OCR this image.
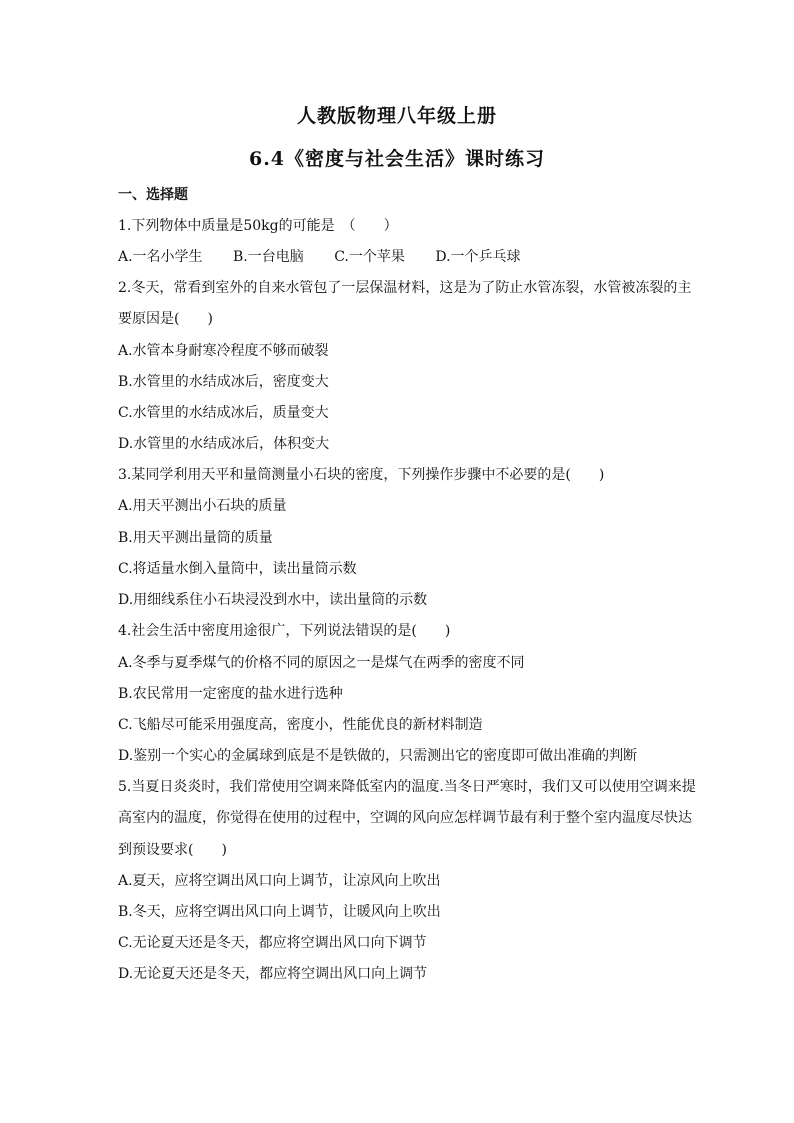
人教版物理八年级上册
6.4《密度与社会生活》课时练习
一、选择题
1.下列物体中质量是50kg的可能是　（　　）
A.一名小学生 B.一台电脑 C.一个苹果 D.一个乒乓球
2.冬天，常看到室外的自来水管包了一层保温材料，这是为了防止水管冻裂，水管被冻裂的主
要原因是(　　)
A.水管本身耐寒冷程度不够而破裂
B.水管里的水结成冰后，密度变大
C.水管里的水结成冰后，质量变大
D.水管里的水结成冰后，体积变大
3.某同学利用天平和量筒测量小石块的密度，下列操作步骤中不必要的是(　　)
A.用天平测出小石块的质量
B.用天平测出量筒的质量
C.将适量水倒入量筒中，读出量筒示数
D.用细线系住小石块浸没到水中，读出量筒的示数
4.社会生活中密度用途很广，下列说法错误的是(　　)
A.冬季与夏季煤气的价格不同的原因之一是煤气在两季的密度不同
B.农民常用一定密度的盐水进行选种
C.飞船尽可能采用强度高，密度小，性能优良的新材料制造
D.鉴别一个实心的金属球到底是不是铁做的，只需测出它的密度即可做出准确的判断
5.当夏日炎炎时，我们常使用空调来降低室内的温度.当冬日严寒时，我们又可以使用空调来提
高室内的温度，你觉得在使用的过程中，空调的风向应怎样调节最有利于整个室内温度尽快达
到预设要求(　　)
A.夏天，应将空调出风口向上调节，让凉风向上吹出
B.冬天，应将空调出风口向上调节，让暖风向上吹出
C.无论夏天还是冬天，都应将空调出风口向下调节
D.无论夏天还是冬天，都应将空调出风口向上调节
